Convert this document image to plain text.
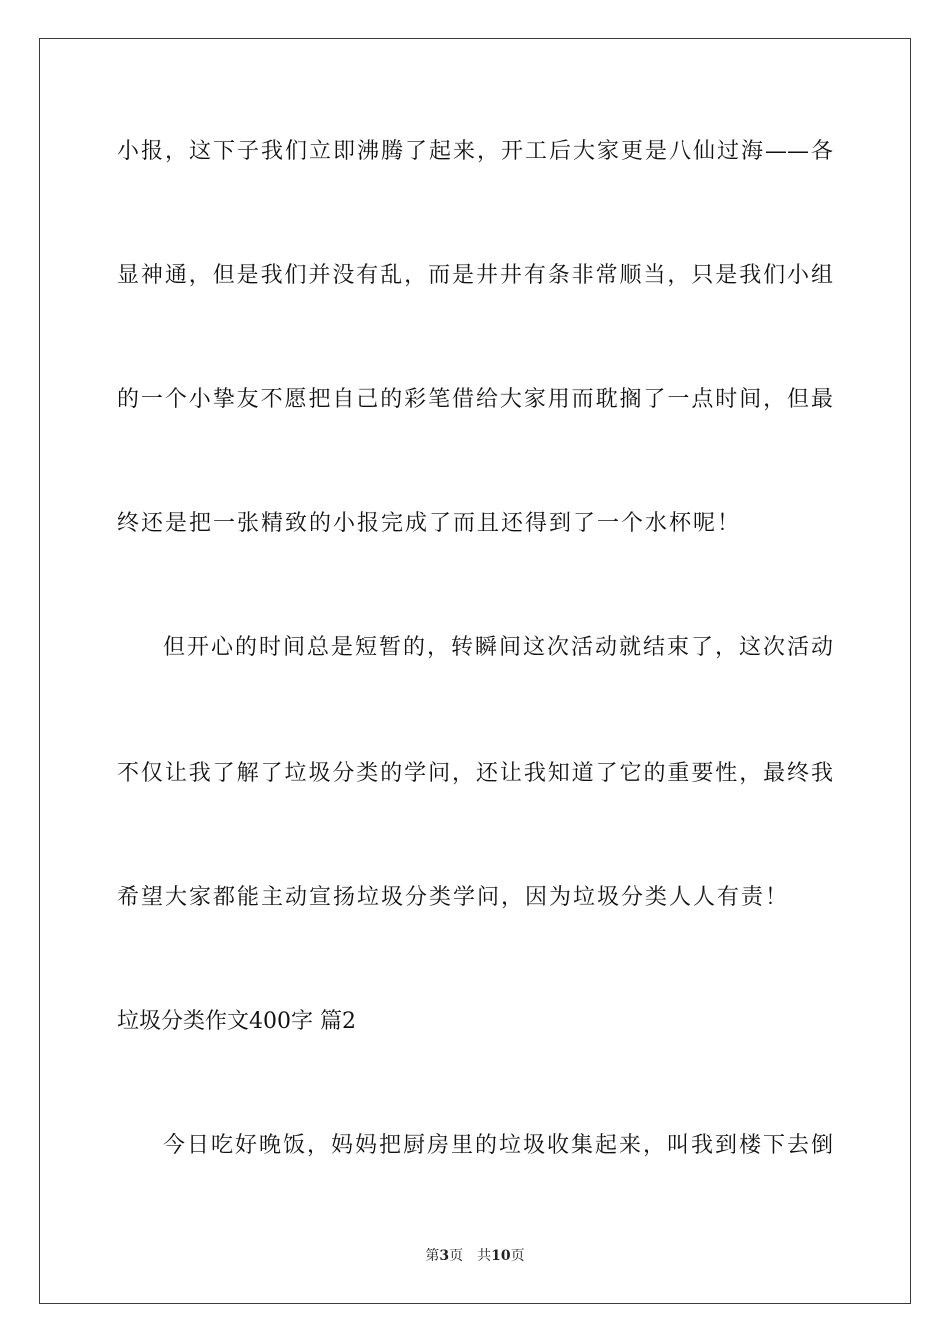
小报，这下子我们立即沸腾了起来，开工后大家更是八仙过海——各
显神通，但是我们并没有乱，而是井井有条非常顺当，只是我们小组
的一个小挚友不愿把自己的彩笔借给大家用而耽搁了一点时间，但最
终还是把一张精致的小报完成了而且还得到了一个水杯呢！
但开心的时间总是短暂的，转瞬间这次活动就结束了，这次活动
不仅让我了解了垃圾分类的学问，还让我知道了它的重要性，最终我
希望大家都能主动宣扬垃圾分类学问，因为垃圾分类人人有责！
垃圾分类作文400字 篇2
今日吃好晚饭，妈妈把厨房里的垃圾收集起来，叫我到楼下去倒
第3页　共10页
